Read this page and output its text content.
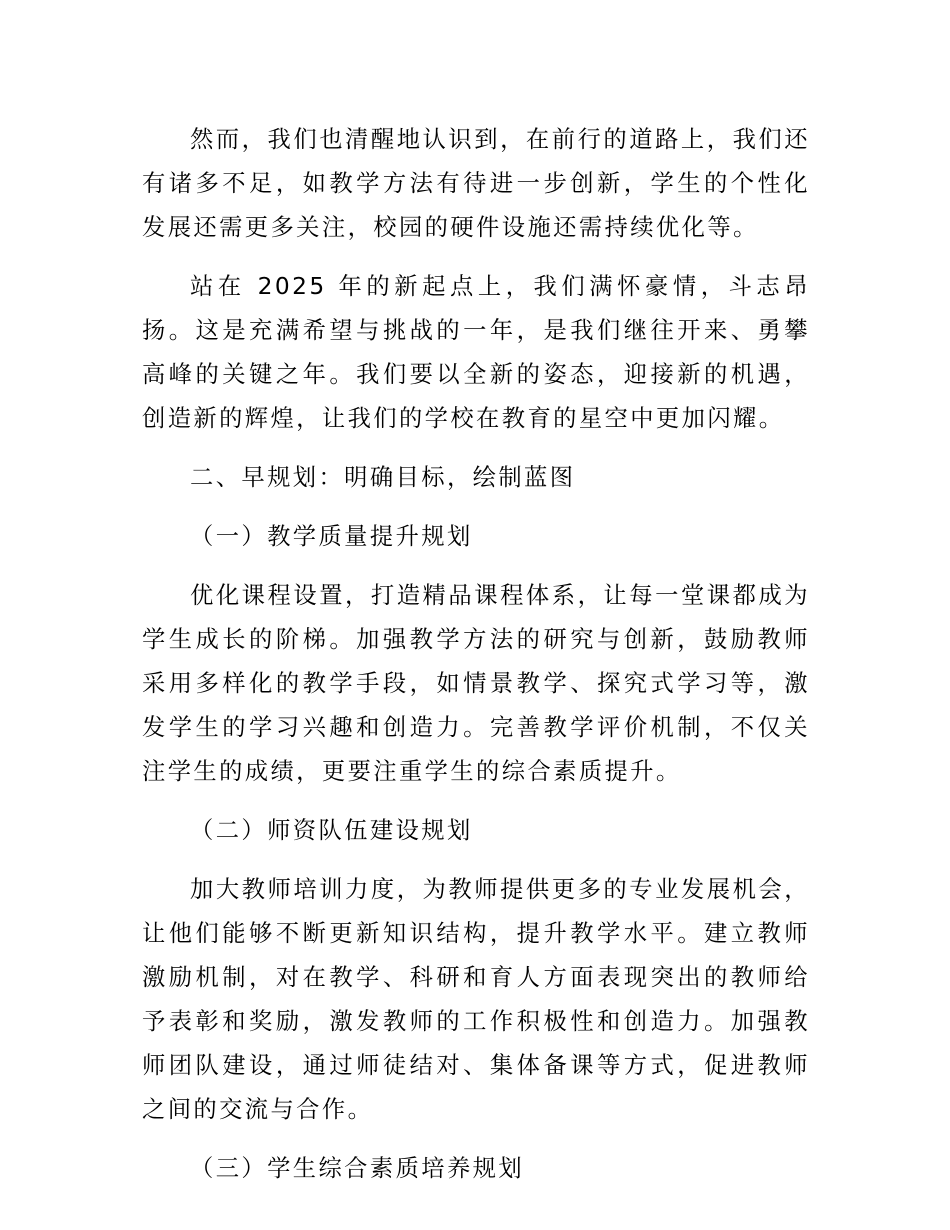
然而，我们也清醒地认识到，在前行的道路上，我们还有诸多不足，如教学方法有待进一步创新，学生的个性化发展还需更多关注，校园的硬件设施还需持续优化等。

站在 2025 年的新起点上，我们满怀豪情，斗志昂扬。这是充满希望与挑战的一年，是我们继往开来、勇攀高峰的关键之年。我们要以全新的姿态，迎接新的机遇，创造新的辉煌，让我们的学校在教育的星空中更加闪耀。

二、早规划：明确目标，绘制蓝图

（一）教学质量提升规划

优化课程设置，打造精品课程体系，让每一堂课都成为学生成长的阶梯。加强教学方法的研究与创新，鼓励教师采用多样化的教学手段，如情景教学、探究式学习等，激发学生的学习兴趣和创造力。完善教学评价机制，不仅关注学生的成绩，更要注重学生的综合素质提升。

（二）师资队伍建设规划

加大教师培训力度，为教师提供更多的专业发展机会，让他们能够不断更新知识结构，提升教学水平。建立教师激励机制，对在教学、科研和育人方面表现突出的教师给予表彰和奖励，激发教师的工作积极性和创造力。加强教师团队建设，通过师徒结对、集体备课等方式，促进教师之间的交流与合作。

（三）学生综合素质培养规划
